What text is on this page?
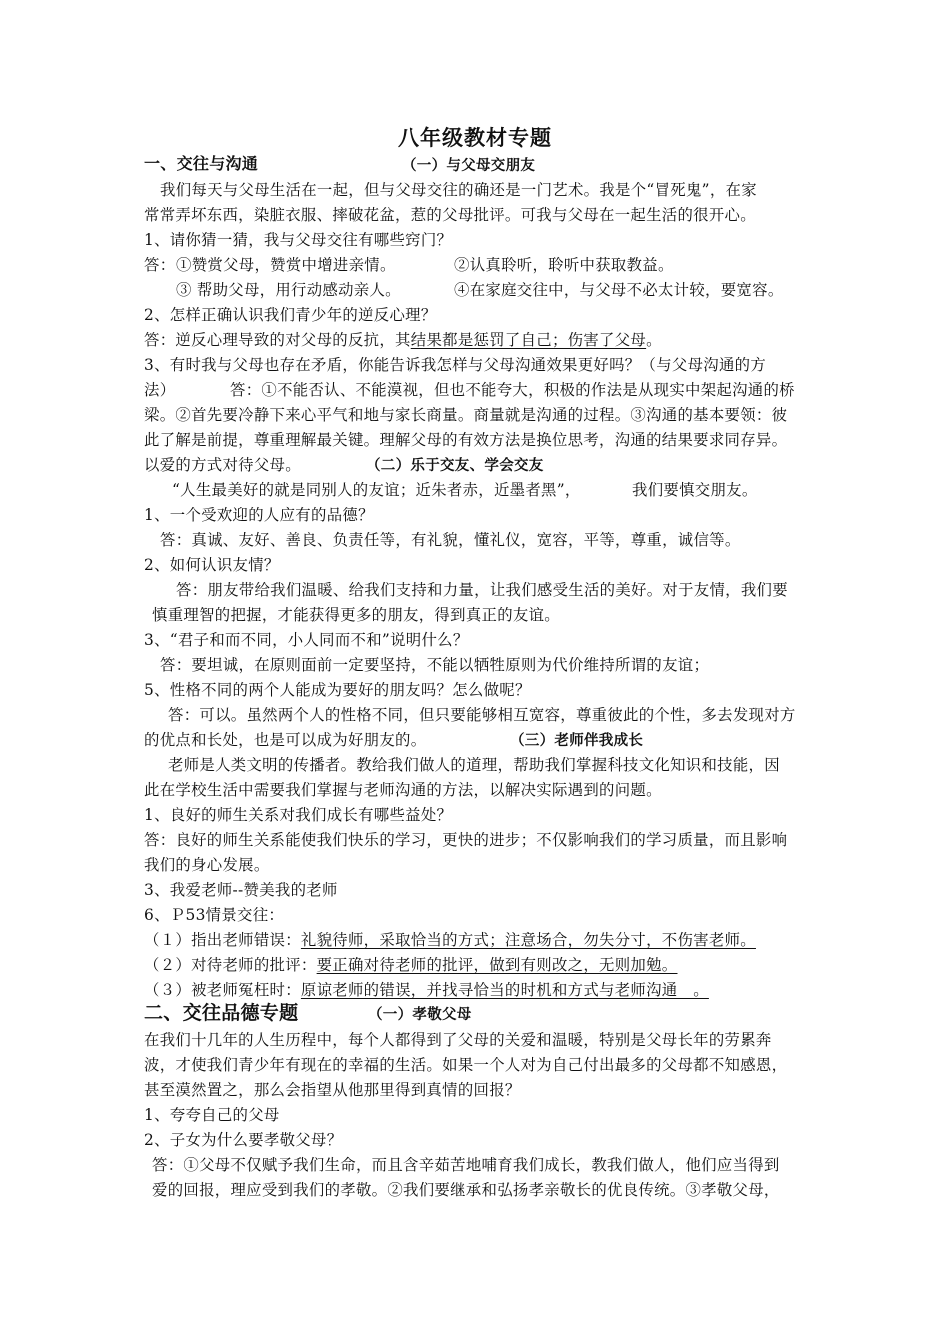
八年级教材专题
一、交往与沟通	（一）与父母交朋友
我们每天与父母生活在一起，但与父母交往的确还是一门艺术。我是个“冒死鬼”，在家
常常弄坏东西，染脏衣服、摔破花盆，惹的父母批评。可我与父母在一起生活的很开心。
1、请你猜一猜，我与父母交往有哪些窍门？
答： ①赞赏父母，赞赏中增进亲情。	②认真聆听，聆听中获取教益。
③ 帮助父母，用行动感动亲人。	④在家庭交往中，与父母不必太计较，要宽容。
2、怎样正确认识我们青少年的逆反心理？
答：逆反心理导致的对父母的反抗，其结果都是惩罚了自己；伤害了父母。
3、有时我与父母也存在矛盾，你能告诉我怎样与父母沟通效果更好吗？（与父母沟通的方
法）	答：①不能否认、不能漠视，但也不能夸大，积极的作法是从现实中架起沟通的桥
梁。②首先要冷静下来心平气和地与家长商量。商量就是沟通的过程。③沟通的基本要领：彼
此了解是前提，尊重理解最关键。理解父母的有效方法是换位思考，沟通的结果要求同存异。
以爱的方式对待父母。	（二）乐于交友、学会交友
“人生最美好的就是同别人的友谊；近朱者赤，近墨者黑”，	我们要慎交朋友。
1、一个受欢迎的人应有的品德？
答：真诚、友好、善良、负责任等，有礼貌，懂礼仪，宽容，平等，尊重，诚信等。
2、如何认识友情？
答：朋友带给我们温暖、给我们支持和力量，让我们感受生活的美好。对于友情，我们要
慎重理智的把握，才能获得更多的朋友，得到真正的友谊。
3、“君子和而不同，小人同而不和”说明什么？
答：要坦诚，在原则面前一定要坚持，不能以牺牲原则为代价维持所谓的友谊；
5、性格不同的两个人能成为要好的朋友吗？怎么做呢？
答：可以。虽然两个人的性格不同，但只要能够相互宽容，尊重彼此的个性，多去发现对方
的优点和长处，也是可以成为好朋友的。	（三）老师伴我成长
老师是人类文明的传播者。教给我们做人的道理，帮助我们掌握科技文化知识和技能，因
此在学校生活中需要我们掌握与老师沟通的方法，以解决实际遇到的问题。
1、良好的师生关系对我们成长有哪些益处？
答：良好的师生关系能使我们快乐的学习，更快的进步；不仅影响我们的学习质量，而且影响
我们的身心发展。
3、我爱老师--赞美我的老师
6、Ｐ53情景交往：
（１）指出老师错误：礼貌待师，采取恰当的方式；注意场合，勿失分寸，不伤害老师。
（２）对待老师的批评：要正确对待老师的批评，做到有则改之，无则加勉。
（３）被老师冤枉时：原谅老师的错误，并找寻恰当的时机和方式与老师沟通　。
二、交往品德专题	（一）孝敬父母
在我们十几年的人生历程中，每个人都得到了父母的关爱和温暖，特别是父母长年的劳累奔
波，才使我们青少年有现在的幸福的生活。如果一个人对为自己付出最多的父母都不知感恩，
甚至漠然置之，那么会指望从他那里得到真情的回报？
1、夸夸自己的父母
2、子女为什么要孝敬父母？
答：①父母不仅赋予我们生命，而且含辛茹苦地哺育我们成长，教我们做人，他们应当得到
爱的回报，理应受到我们的孝敬。②我们要继承和弘扬孝亲敬长的优良传统。③孝敬父母，
